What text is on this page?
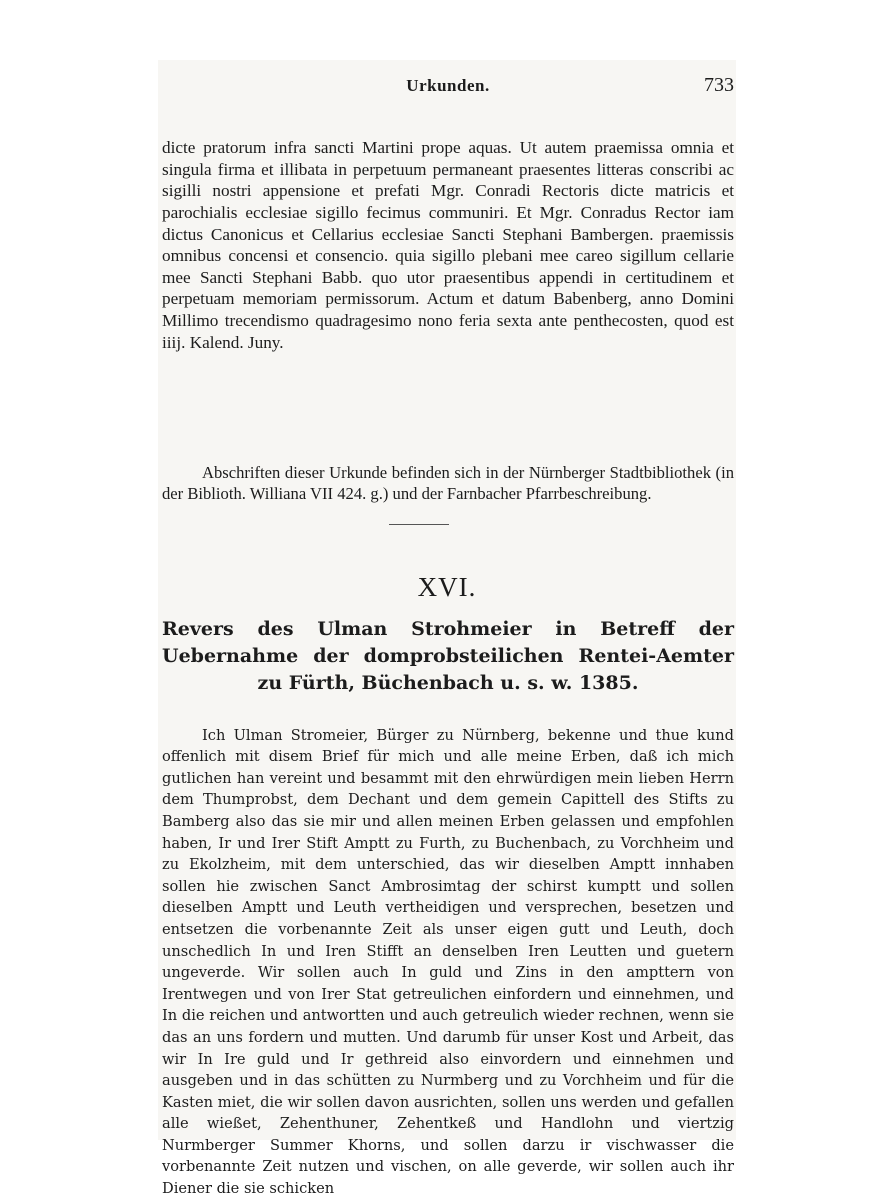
Urkunden.	733

dicte pratorum infra sancti Martini prope aquas. Ut autem praemissa omnia et singula firma et illibata in perpetuum permaneant praesentes litteras conscribi ac sigilli nostri appensione et prefati Mgr. Conradi Rectoris dicte matricis et parochialis ecclesiae sigillo fecimus communiri. Et Mgr. Conradus Rector iam dictus Canonicus et Cellarius ecclesiae Sancti Stephani Bambergen. praemissis omnibus concensi et consencio. quia sigillo plebani mee careo sigillum cellarie mee Sancti Stephani Babb. quo utor praesentibus appendi in certitudinem et perpetuam memoriam permissorum. Actum et datum Babenberg, anno Domini Millimo trecendismo quadragesimo nono feria sexta ante penthecosten, quod est iiij. Kalend. Juny.

Abschriften dieser Urkunde befinden sich in der Nürnberger Stadtbibliothek (in der Biblioth. Williana VII 424. g.) und der Farnbacher Pfarrbeschreibung.

XVI.
Revers des Ulman Strohmeier in Betreff der Uebernahme der domprobsteilichen Rentei-Aemter zu Fürth, Büchenbach u. s. w. 1385.

Ich Ulman Stromeier, Bürger zu Nürnberg, bekenne und thue kund offenlich mit disem Brief für mich und alle meine Erben, daß ich mich gutlichen han vereint und besammt mit den ehrwürdigen mein lieben Herrn dem Thumprobst, dem Dechant und dem gemein Capittell des Stifts zu Bamberg also das sie mir und allen meinen Erben gelassen und empfohlen haben, Ir und Irer Stift Amptt zu Furth, zu Buchenbach, zu Vorchheim und zu Ekolzheim, mit dem unterschied, das wir dieselben Amptt innhaben sollen hie zwischen Sanct Ambrosimtag der schirst kumptt und sollen dieselben Amptt und Leuth vertheidigen und versprechen, besetzen und entsetzen die vorbenannte Zeit als unser eigen gutt und Leuth, doch unschedlich In und Iren Stifft an denselben Iren Leutten und guetern ungeverde. Wir sollen auch In guld und Zins in den ampttern von Irentwegen und von Irer Stat getreulichen einfordern und einnehmen, und In die reichen und antwortten und auch getreulich wieder rechnen, wenn sie das an uns fordern und mutten. Und darumb für unser Kost und Arbeit, das wir In Ire guld und Ir gethreid also einvordern und einnehmen und ausgeben und in das schütten zu Nurmberg und zu Vorchheim und für die Kasten miet, die wir sollen davon ausrichten, sollen uns werden und gefallen alle wießet, Zehenthuner, Zehentkeß und Handlohn und viertzig Nurmberger Summer Khorns, und sollen darzu ir vischwasser die vorbenannte Zeit nutzen und vischen, on alle geverde, wir sollen auch ihr Diener die sie schicken
